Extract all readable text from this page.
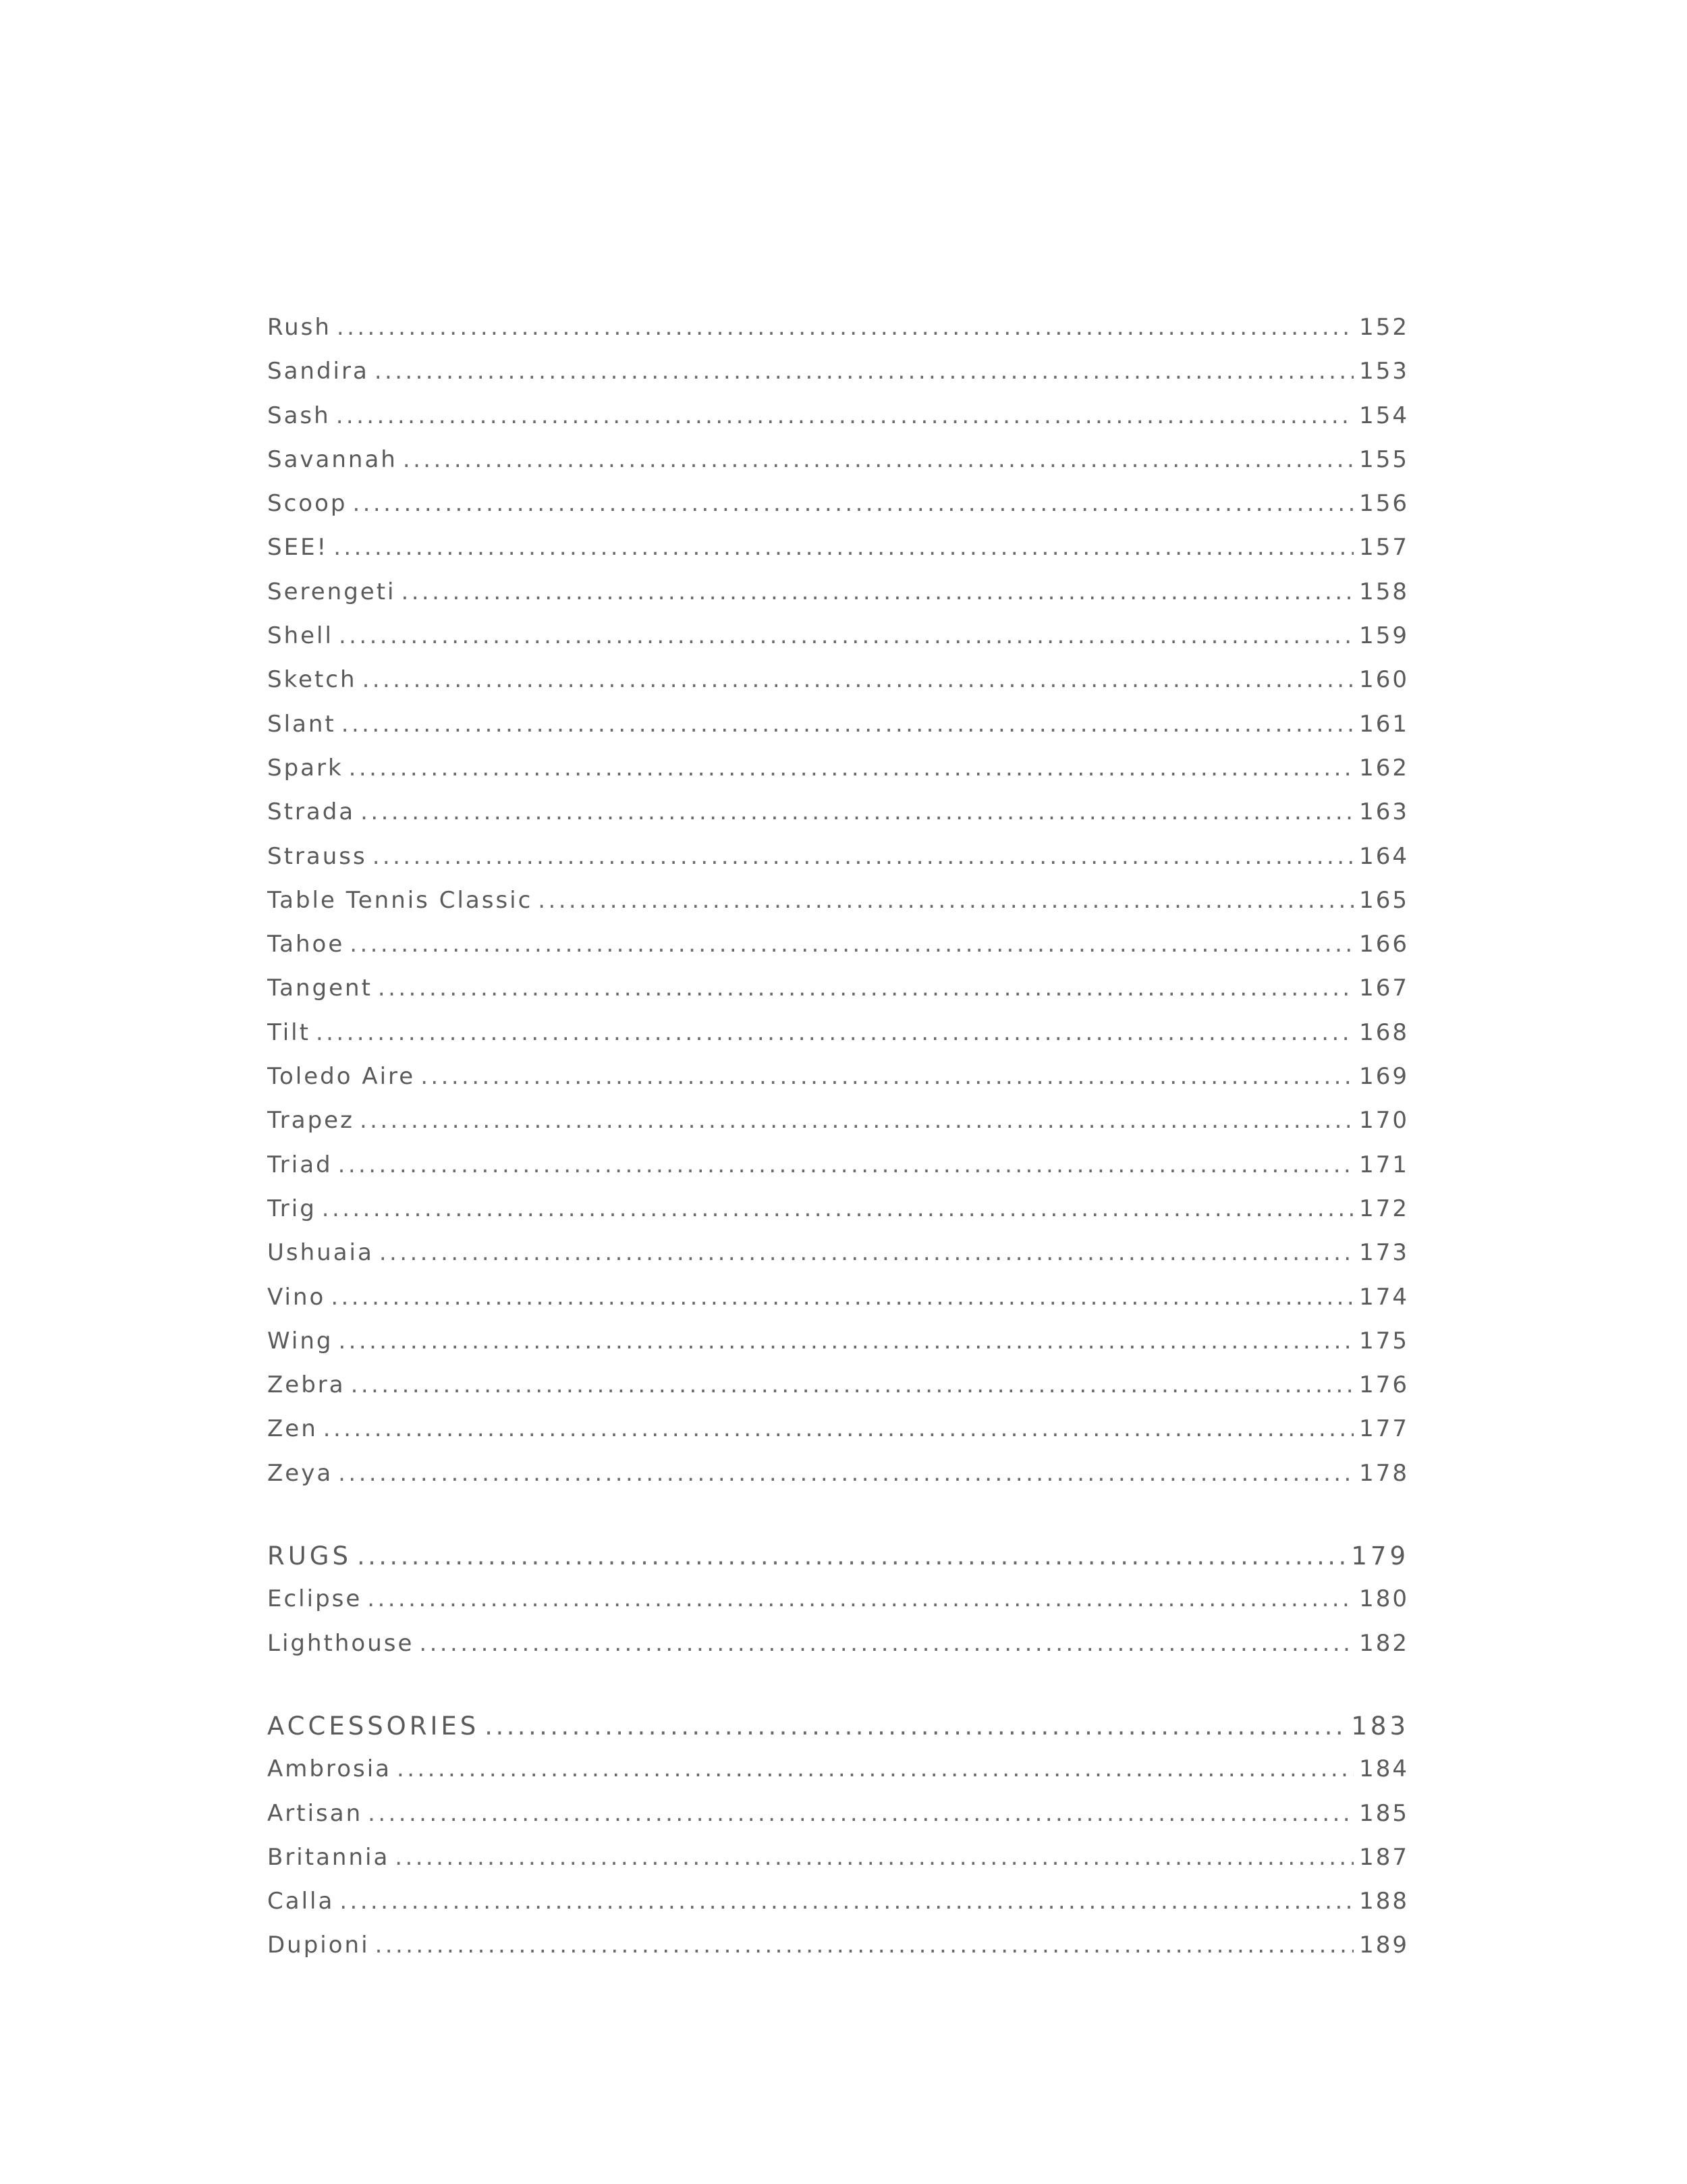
Rush .....	152
Sandira .....	153
Sash .....	154
Savannah .....	155
Scoop .....	156
SEE! .....	157
Serengeti .....	158
Shell .....	159
Sketch .....	160
Slant .....	161
Spark .....	162
Strada .....	163
Strauss .....	164
Table Tennis Classic .....	165
Tahoe .....	166
Tangent .....	167
Tilt .....	168
Toledo Aire .....	169
Trapez .....	170
Triad .....	171
Trig .....	172
Ushuaia .....	173
Vino .....	174
Wing .....	175
Zebra .....	176
Zen .....	177
Zeya .....	178
RUGS .....	179
Eclipse .....	180
Lighthouse .....	182
ACCESSORIES .....	183
Ambrosia .....	184
Artisan .....	185
Britannia .....	187
Calla .....	188
Dupioni .....	189
